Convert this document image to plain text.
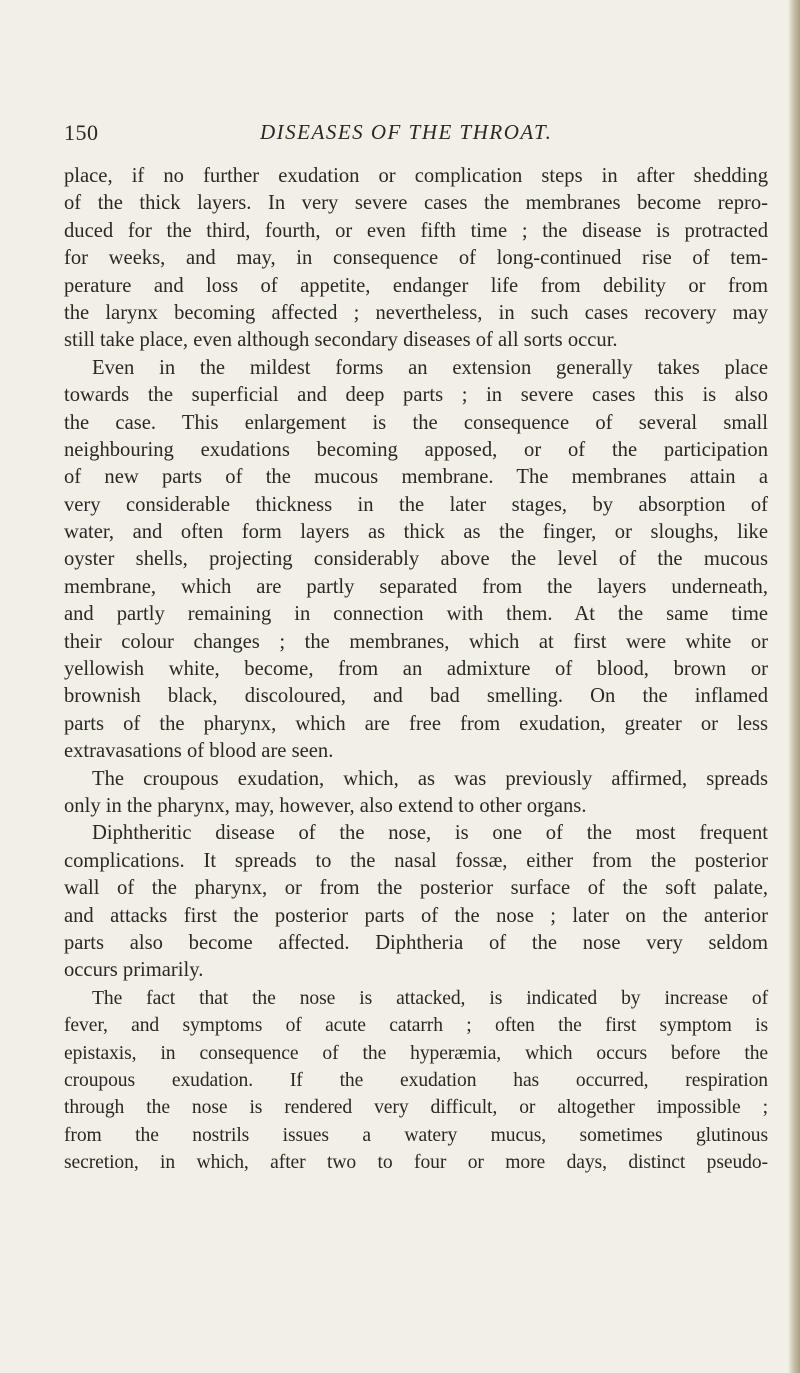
150	DISEASES OF THE THROAT.
place, if no further exudation or complication steps in after shedding
of the thick layers. In very severe cases the membranes become repro-
duced for the third, fourth, or even fifth time ; the disease is protracted
for weeks, and may, in consequence of long-continued rise of tem-
perature and loss of appetite, endanger life from debility or from
the larynx becoming affected ; nevertheless, in such cases recovery may
still take place, even although secondary diseases of all sorts occur.
Even in the mildest forms an extension generally takes place
towards the superficial and deep parts ; in severe cases this is also
the case. This enlargement is the consequence of several small
neighbouring exudations becoming apposed, or of the participation
of new parts of the mucous membrane. The membranes attain a
very considerable thickness in the later stages, by absorption of
water, and often form layers as thick as the finger, or sloughs, like
oyster shells, projecting considerably above the level of the mucous
membrane, which are partly separated from the layers underneath,
and partly remaining in connection with them. At the same time
their colour changes ; the membranes, which at first were white or
yellowish white, become, from an admixture of blood, brown or
brownish black, discoloured, and bad smelling. On the inflamed
parts of the pharynx, which are free from exudation, greater or less
extravasations of blood are seen.
The croupous exudation, which, as was previously affirmed, spreads
only in the pharynx, may, however, also extend to other organs.
Diphtheritic disease of the nose, is one of the most frequent
complications. It spreads to the nasal fossæ, either from the posterior
wall of the pharynx, or from the posterior surface of the soft palate,
and attacks first the posterior parts of the nose ; later on the anterior
parts also become affected. Diphtheria of the nose very seldom
occurs primarily.
The fact that the nose is attacked, is indicated by increase of
fever, and symptoms of acute catarrh ; often the first symptom is
epistaxis, in consequence of the hyperæmia, which occurs before the
croupous exudation. If the exudation has occurred, respiration
through the nose is rendered very difficult, or altogether impossible ;
from the nostrils issues a watery mucus, sometimes glutinous
secretion, in which, after two to four or more days, distinct pseudo-
